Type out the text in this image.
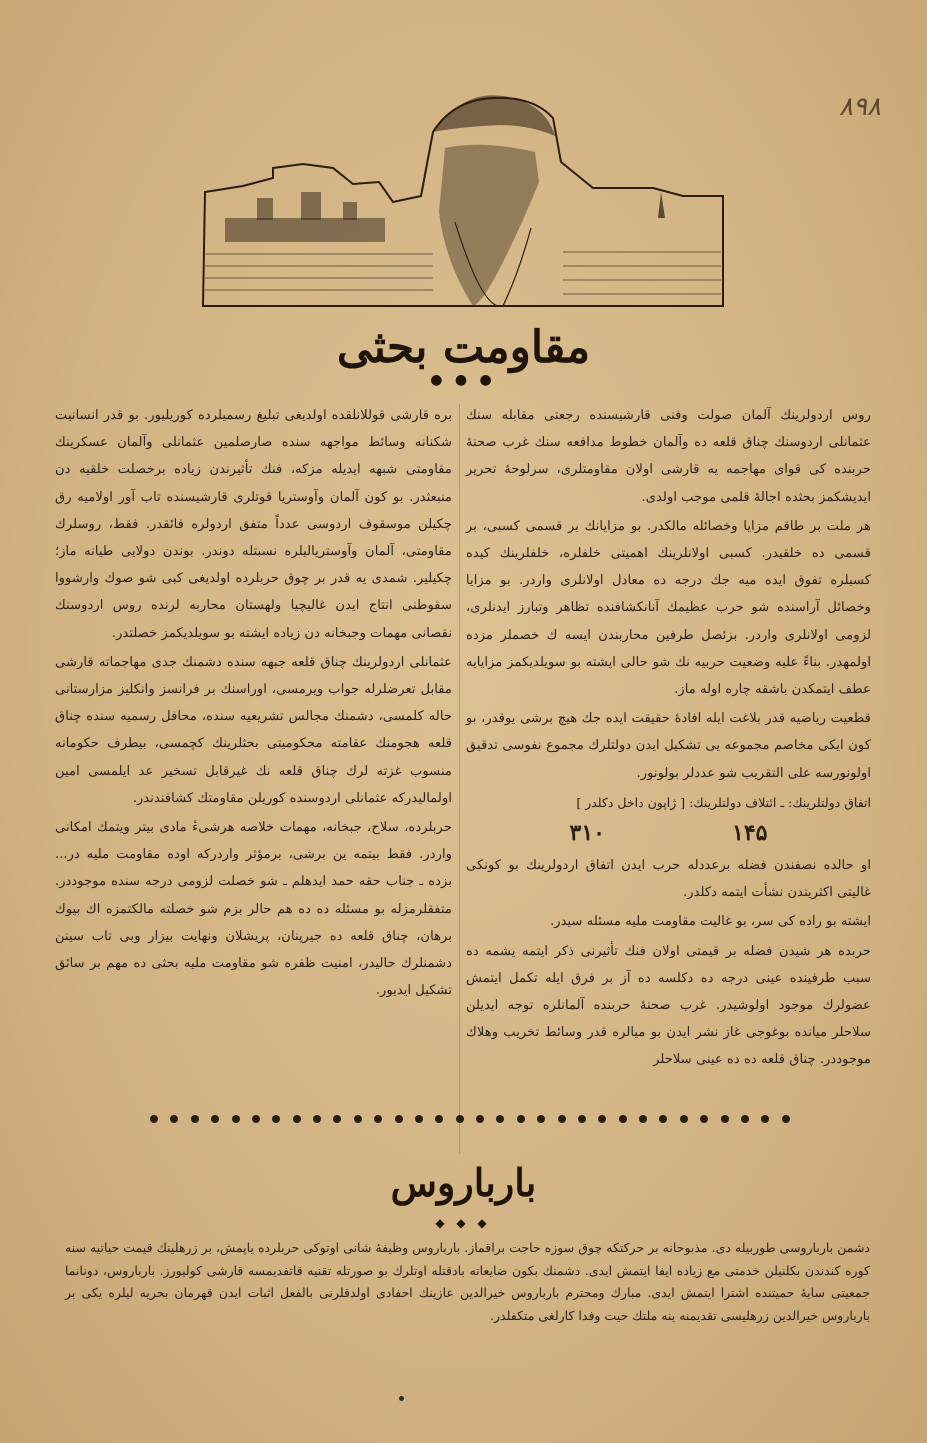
٨٩٨
مقاومت بحثی
● ● ●

روس اردولرینك آلمان صولت وفنی قارشیسنده رجعتی مقابله سنك عثمانلی اردوسنك چناق قلعه ده وآلمان خطوط مدافعه سنك غرب صحنهٔ حربنده كی قوای مهاجمه یه قارشی اولان مقاومتلری، سرلوحهٔ تحریر ایدیشكمز بحثده اجالهٔ قلمی موجب اولدی.

هر ملت بر طاقم مزایا وخصائله مالكدر. بو مزایانك بر قسمی كسبی، بر قسمی ده خلقیدر. كسبی اولانلرینك اهمیتی خلفلره، خلفلرینك كیده كسبلره تفوق ایده میه جك درجه ده معادل اولانلری واردر. بو مزایا وخصائل آراسنده شو حرب عظیمك آنانكشافنده تظاهر وتبارز ایدنلری، لزومی اولانلری واردر. بزئصل طرفین محاربندن ایسه ك خصملر مزده اولمهدر. بناءً علیه وضعیت حربیه نك شو حالی ایشته بو سویلدیكمز مزایایه عطف ایتمكدن باشقه چاره اوله ماز.

قطعیت ریاضیه قدر بلاغت ایله افادهٔ حقیقت ایده جك هیچ برشی یوقدر، بو كون ایكی مخاصم مجموعه یی تشكیل ایدن دولتلرك مجموع نفوسی تدقیق اولونورسه علی التقریب شو عددلر بولونور.

اتفاق دولتلرینك: ـ ائتلاف دولتلرینك: [ ژاپون داخل دكلدر ]

۳۱۰	۱۴۵

او حالده نصفندن فضله برعددله حرب ایدن اتفاق اردولرینك بو كونكی غالیتی اكثریتدن نشأت ایتمه دكلدر.

ایشته بو راده كی سر، بو غالیت مقاومت ملیه مسئله سیدر.

حربده هر شیدن فضله بر قیمتی اولان فنك تأثیرنی ذكر ایتمه یشمه ده سبب طرفینده عینی درجه ده دكلسه ده آز بر فرق ایله تكمل ایتمش عضولرك موجود اولوشیدر. غرب صحنهٔ حربنده آلمانلره توجه ایدیلن سلاحلر میانده بوغوجی غاز نشر ایدن بو میالره قدر وسائط تخریب وهلاك موجوددر. چناق قلعه ده ده عینی سلاحلر

بره قارشی قوللانلقده اولدیغی تبلیغ رسمیلرده كوریلیور. بو قدر انسانیت شكنانه وسائط مواجهه سنده صارصلمین عثمانلی وآلمان عسكرینك مقاومتی شبهه ایدیله مزكه، فنك تأثیرندن زیاده برخصلت خلقیه دن منبعثدر. بو كون آلمان وآوستریا قوتلری قارشیسنده تاب آور اولامیه رق چكیلن موسقوف اردوسی عدداً متفق اردولره فائقدر. فقط، روسلرك مقاومتی، آلمان وآوستریالیلره نسبتله دوندر. بوندن دولایی طیانه ماز؛ چكیلیر. شمدی یه قدر بر چوق حربلرده اولدیغی كبی شو صوك وارشووا سقوطنی انتاج ایدن غالیچیا ولهستان محاربه لرنده روس اردوسنك نقصانی مهمات وجبخانه دن زیاده ایشته بو سویلدیكمز خصلتدر.

عثمانلی اردولرینك چناق قلعه جبهه سنده دشمنك جدی مهاجماته قارشی مقابل تعرضلرله جواب ویرمسی، اوراسنك بر فرانسز وانكلیز مزارستانی حاله كلمسی، دشمنك مجالس تشریعیه سنده، محافل رسمیه سنده چناق قلعه هجومنك عقامته محكومیتی بحثلرینك كچمسی، بیطرف حكومانه منسوب غزته لرك چناق قلعه نك غیرقابل تسخیر عد ایلمسی امین اولماليدركه عثمانلی اردوسنده كوریلن مقاومتك كشافندندر.

حربلرده، سلاح، جبخانه، مهمات خلاصه هرشیءٔ مادی بیتر ویتمك امكانی واردر. فقط بیتمه ین برشی، برمؤثر واردركه اوده مقاومت ملیه در... بزده ـ جناب حقه حمد ایدهلم ـ شو خصلت لزومی درجه سنده موجوددر. متفقلرمزله بو مسئله ده ده هم حالر بزم شو خصلته مالكتمزه اك بیوك برهان، چناق قلعه ده جیرپنان، پریشلان ونهایت بیزار وبی تاب سینن دشمنلرك حالیدر، امنیت ظفره شو مقاومت ملیه بحثی ده مهم بر سائق تشكیل ایدیور.

بارباروس
◆ ◆ ◆

دشمن بارباروسی طوربیله دی. مذبوحانه بر حركتكه چوق سوزه حاجت براقماز. بارباروس وظیفهٔ شانی اوتوكی حربلرده یاپمش، بر زرهلینك قیمت حیاتیه سنه كوره كندندن بكلنیلن خدمتی مع زیاده ایفا ایتمش ایدی. دشمنك بكون ضایعاته بادقتله اوتلرك بو صورتله تقنیه قاتفدیمسه قارشی كولیورز. بارباروس، دونانما جمعیتی سایهٔ حمیتنده اشترا ایتمش ایدی. مبارك ومحترم بارباروس خیرالدین عازینك احفادی اولدقلرنی بالفعل اثبات ایدن قهرمان بحریه لیلره یكی بر بارباروس خیرالدین زرهلیسی تقدیمنه ینه ملتك حیت وفدا كارلغی متكفلدر.
